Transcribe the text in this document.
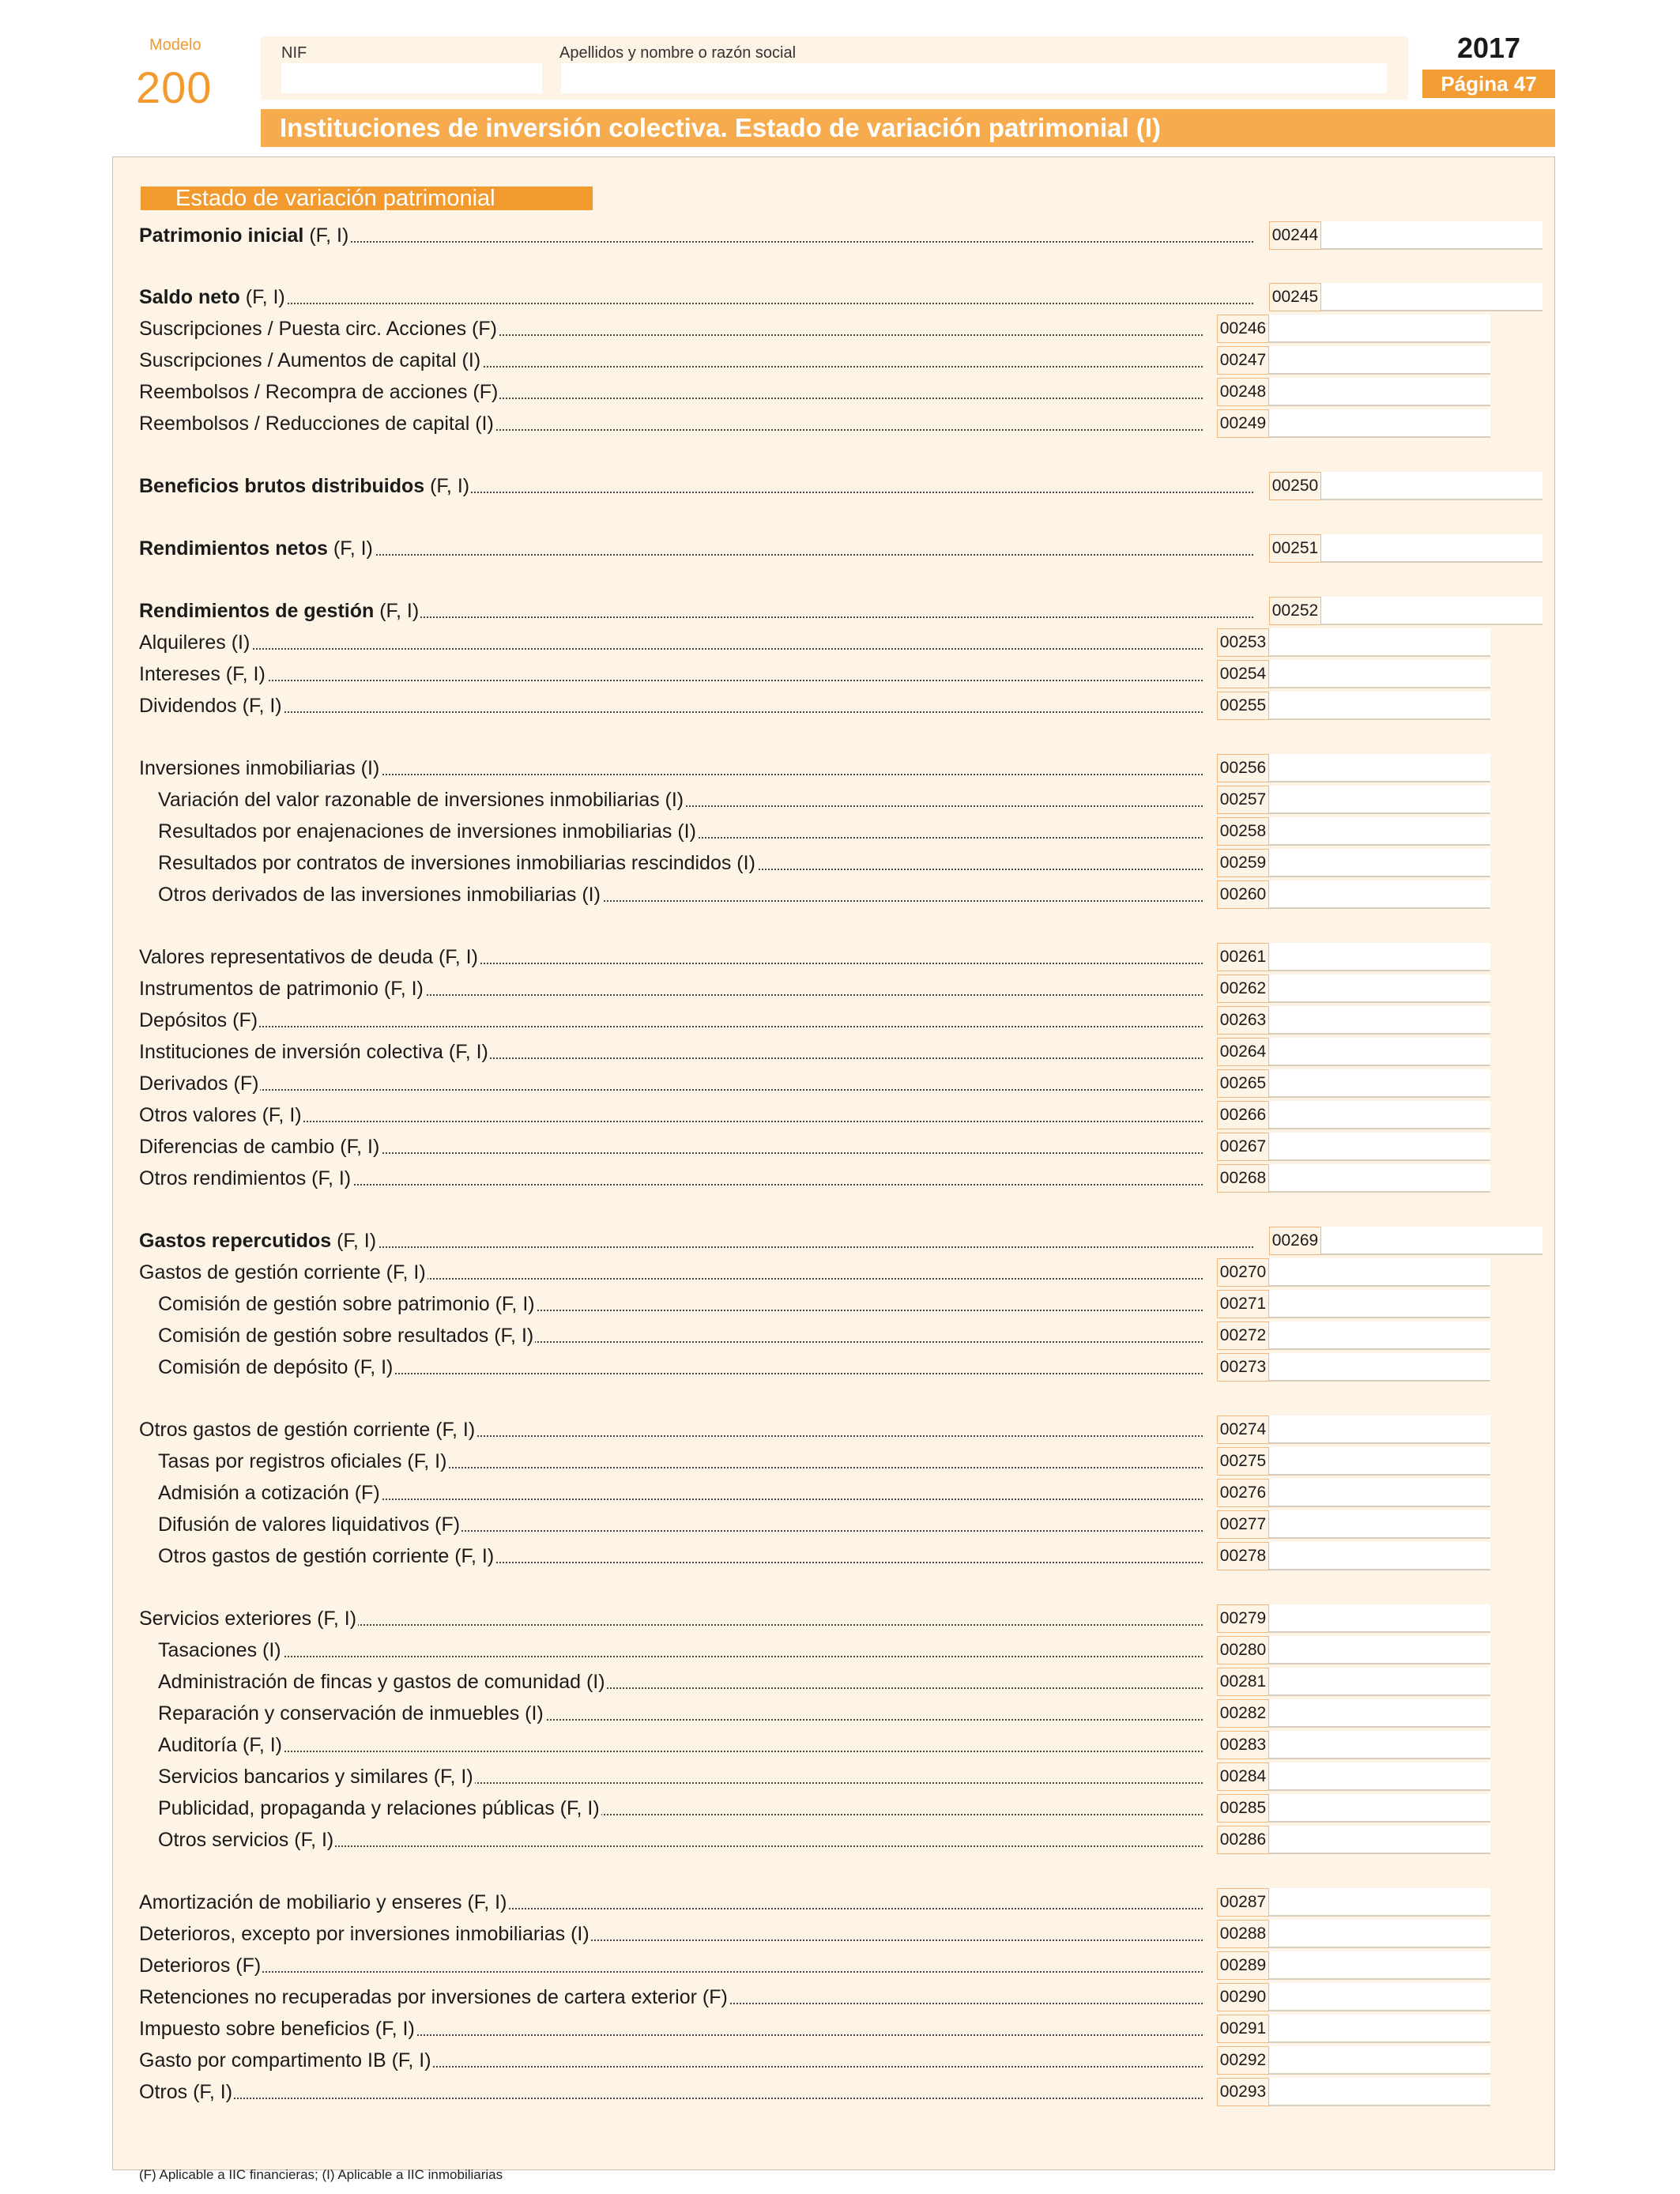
Modelo
200
NIF	Apellidos y nombre o razón social	2017
Página 47
Instituciones de inversión colectiva. Estado de variación patrimonial (I)
Estado de variación patrimonial
Patrimonio inicial (F, I)	00244
Saldo neto (F, I)	00245
Suscripciones / Puesta circ. Acciones (F)	00246
Suscripciones / Aumentos de capital (I)	00247
Reembolsos / Recompra de acciones (F)	00248
Reembolsos / Reducciones de capital (I)	00249
Beneficios brutos distribuidos (F, I)	00250
Rendimientos netos (F, I)	00251
Rendimientos de gestión (F, I)	00252
Alquileres (I)	00253
Intereses (F, I)	00254
Dividendos (F, I)	00255
Inversiones inmobiliarias (I)	00256
Variación del valor razonable de inversiones inmobiliarias (I)	00257
Resultados por enajenaciones de inversiones inmobiliarias (I)	00258
Resultados por contratos de inversiones inmobiliarias rescindidos (I)	00259
Otros derivados de las inversiones inmobiliarias (I)	00260
Valores representativos de deuda (F, I)	00261
Instrumentos de patrimonio (F, I)	00262
Depósitos (F)	00263
Instituciones de inversión colectiva (F, I)	00264
Derivados (F)	00265
Otros valores (F, I)	00266
Diferencias de cambio (F, I)	00267
Otros rendimientos (F, I)	00268
Gastos repercutidos (F, I)	00269
Gastos de gestión corriente (F, I)	00270
Comisión de gestión sobre patrimonio (F, I)	00271
Comisión de gestión sobre resultados (F, I)	00272
Comisión de depósito (F, I)	00273
Otros gastos de gestión corriente (F, I)	00274
Tasas por registros oficiales (F, I)	00275
Admisión a cotización (F)	00276
Difusión de valores liquidativos (F)	00277
Otros gastos de gestión corriente (F, I)	00278
Servicios exteriores (F, I)	00279
Tasaciones (I)	00280
Administración de fincas y gastos de comunidad (I)	00281
Reparación y conservación de inmuebles (I)	00282
Auditoría (F, I)	00283
Servicios bancarios y similares (F, I)	00284
Publicidad, propaganda y relaciones públicas (F, I)	00285
Otros servicios (F, I)	00286
Amortización de mobiliario y enseres (F, I)	00287
Deterioros, excepto por inversiones inmobiliarias (I)	00288
Deterioros (F)	00289
Retenciones no recuperadas por inversiones de cartera exterior (F)	00290
Impuesto sobre beneficios (F, I)	00291
Gasto por compartimento IB (F, I)	00292
Otros (F, I)	00293
(F) Aplicable a IIC financieras; (I) Aplicable a IIC inmobiliarias
